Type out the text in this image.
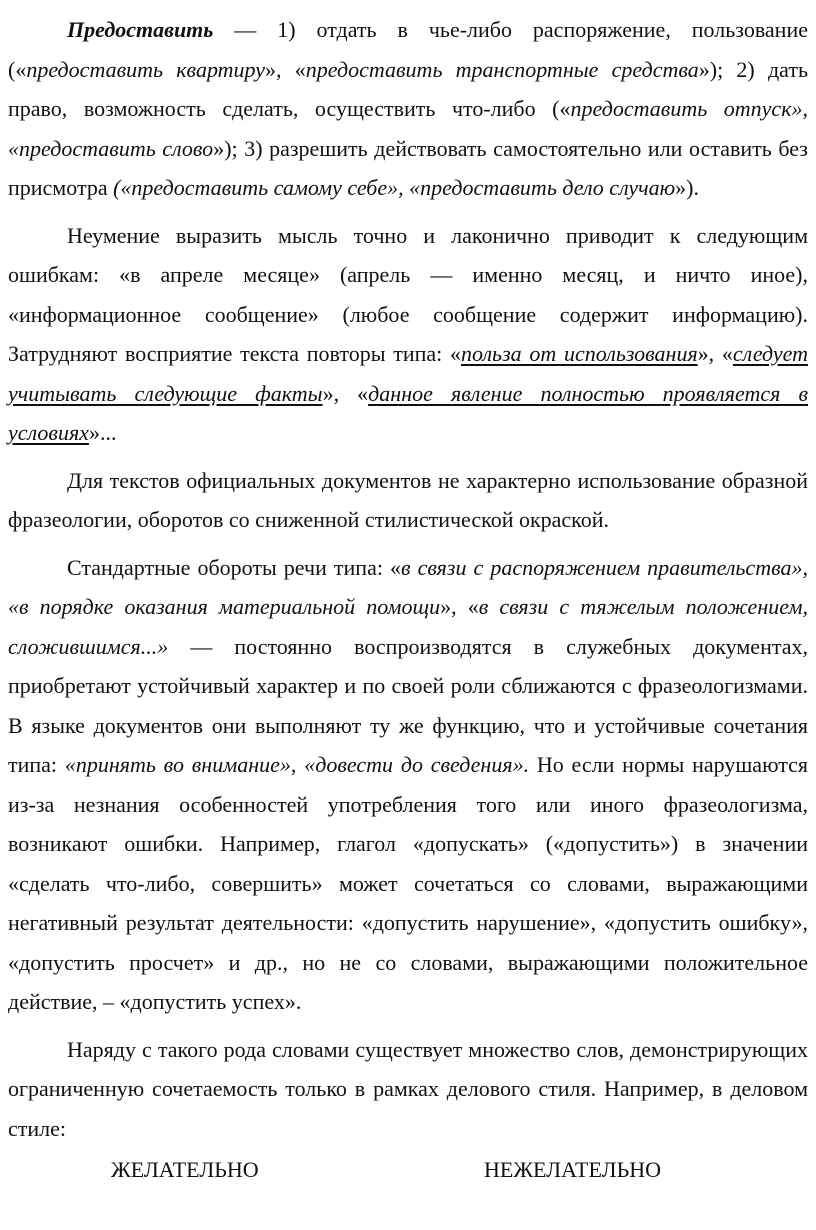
Предоставить — 1) отдать в чье-либо распоряжение, пользование («предоставить квартиру», «предоставить транспортные средства»); 2) дать право, возможность сделать, осуществить что-либо («предоставить отпуск», «предоставить слово»); 3) разрешить действовать самостоятельно или оставить без присмотра («предоставить самому себе», «предоставить дело случаю»).

Неумение выразить мысль точно и лаконично приводит к следующим ошибкам: «в апреле месяце» (апрель — именно месяц, и ничто иное), «информационное сообщение» (любое сообщение содержит информацию). Затрудняют восприятие текста повторы типа: «польза от использования», «следует учитывать следующие факты», «данное явление полностью проявляется в условиях»...

Для текстов официальных документов не характерно использование образной фразеологии, оборотов со сниженной стилистической окраской.

Стандартные обороты речи типа: «в связи с распоряжением правительства», «в порядке оказания материальной помощи», «в связи с тяжелым положением, сложившимся...» — постоянно воспроизводятся в служебных документах, приобретают устойчивый характер и по своей роли сближаются с фразеологизмами. В языке документов они выполняют ту же функцию, что и устойчивые сочетания типа: «принять во внимание», «довести до сведения». Но если нормы нарушаются из-за незнания особенностей употребления того или иного фразеологизма, возникают ошибки. Например, глагол «допускать» («допустить») в значении «сделать что-либо, совершить» может сочетаться со словами, выражающими негативный результат деятельности: «допустить нарушение», «допустить ошибку», «допустить просчет» и др., но не со словами, выражающими положительное действие, – «допустить успех».

Наряду с такого рода словами существует множество слов, демонстрирующих ограниченную сочетаемость только в рамках делового стиля. Например, в деловом стиле:

ЖЕЛАТЕЛЬНО	НЕЖЕЛАТЕЛЬНО
